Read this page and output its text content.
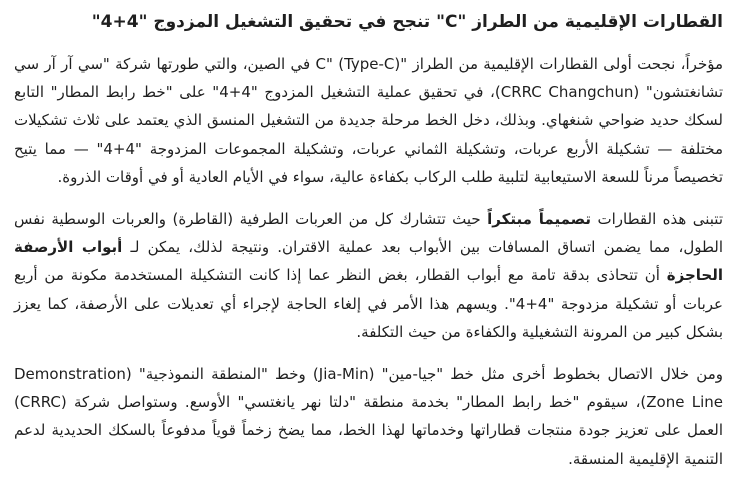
القطارات الإقليمية من الطراز "C" تنجح في تحقيق التشغيل المزدوج "4+4"

مؤخراً، نجحت أولى القطارات الإقليمية من الطراز "C" (Type-C) في الصين، والتي طورتها شركة "سي آر آر سي تشانغتشون" (CRRC Changchun)، في تحقيق عملية التشغيل المزدوج "4+4" على "خط رابط المطار" التابع لسكك حديد ضواحي شنغهاي. وبذلك، دخل الخط مرحلة جديدة من التشغيل المنسق الذي يعتمد على ثلاث تشكيلات مختلفة — تشكيلة الأربع عربات، وتشكيلة الثماني عربات، وتشكيلة المجموعات المزدوجة "4+4" — مما يتيح تخصيصاً مرناً للسعة الاستيعابية لتلبية طلب الركاب بكفاءة عالية، سواء في الأيام العادية أو في أوقات الذروة.

تتبنى هذه القطارات تصميماً مبتكراً حيث تتشارك كل من العربات الطرفية (القاطرة) والعربات الوسطية نفس الطول، مما يضمن اتساق المسافات بين الأبواب بعد عملية الاقتران. ونتيجة لذلك، يمكن لـ أبواب الأرصفة الحاجزة أن تتحاذى بدقة تامة مع أبواب القطار، بغض النظر عما إذا كانت التشكيلة المستخدمة مكونة من أربع عربات أو تشكيلة مزدوجة "4+4". ويسهم هذا الأمر في إلغاء الحاجة لإجراء أي تعديلات على الأرصفة، كما يعزز بشكل كبير من المرونة التشغيلية والكفاءة من حيث التكلفة.

ومن خلال الاتصال بخطوط أخرى مثل خط "جيا-مين" (Jia-Min) وخط "المنطقة النموذجية" (Demonstration Zone Line)، سيقوم "خط رابط المطار" بخدمة منطقة "دلتا نهر يانغتسي" الأوسع. وستواصل شركة (CRRC) العمل على تعزيز جودة منتجات قطاراتها وخدماتها لهذا الخط، مما يضخ زخماً قوياً مدفوعاً بالسكك الحديدية لدعم التنمية الإقليمية المنسقة.
